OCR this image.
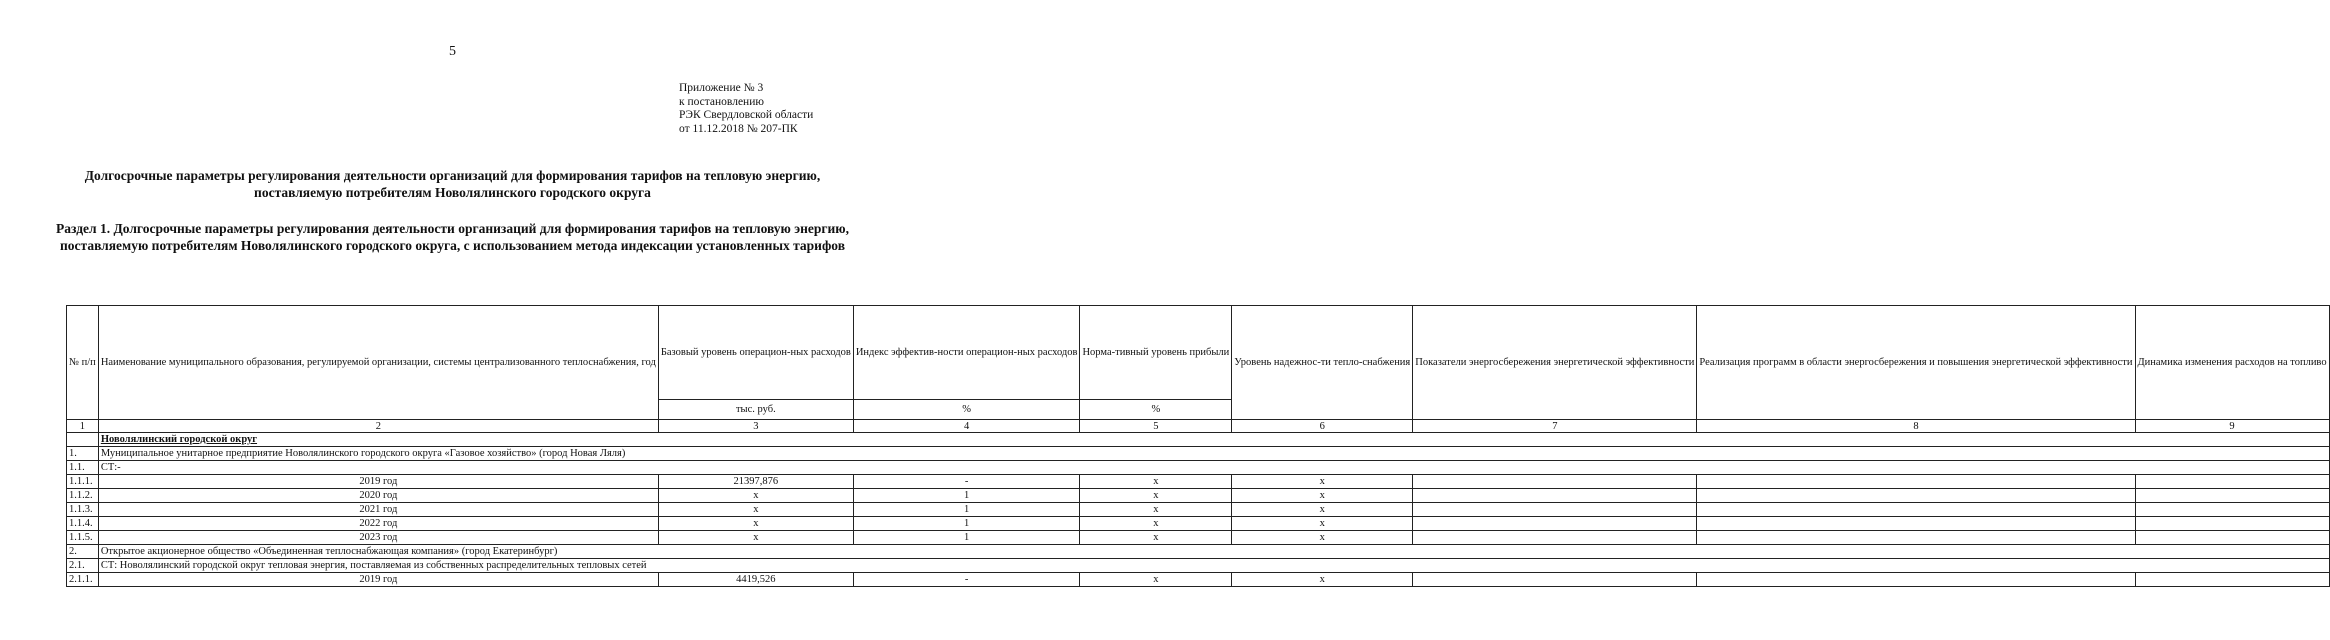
5
Приложение № 3
к постановлению
РЭК Свердловской области
от 11.12.2018 № 207-ПК
Долгосрочные параметры регулирования деятельности организаций для формирования тарифов на тепловую энергию, поставляемую потребителям Новолялинского городского округа
Раздел 1. Долгосрочные параметры регулирования деятельности организаций для формирования тарифов на тепловую энергию, поставляемую потребителям Новолялинского городского округа, с использованием метода индексации установленных тарифов
№ п/п	Наименование муниципального образования, регулируемой организации, системы централизованного теплоснабжения, год	Базовый уровень операцион-ных расходов	Индекс эффектив-ности операцион-ных расходов	Норма-тивный уровень прибыли	Уровень надежнос-ти тепло-снабжения	Показатели энергосбережения энергетической эффективности	Реализация программ в области энергосбережения и повышения энергетической эффективности	Динамика изменения расходов на топливо
		тыс. руб.	%	%				
1	2	3	4	5	6	7	8	9
	Новолялинский городской округ							
1.	Муниципальное унитарное предприятие Новолялинского городского округа «Газовое хозяйство» (город Новая Ляля)							
1.1.	СТ:-							
1.1.1.	2019 год	21397,876	-	х	х			
1.1.2.	2020 год	х	1	х	х			
1.1.3.	2021 год	х	1	х	х			
1.1.4.	2022 год	х	1	х	х			
1.1.5.	2023 год	х	1	х	х			
2.	Открытое акционерное общество «Объединенная теплоснабжающая компания» (город Екатеринбург)							
2.1.	СТ: Новолялинский городской округ тепловая энергия, поставляемая из собственных распределительных тепловых сетей							
2.1.1.	2019 год	4419,526	-	х	х			
